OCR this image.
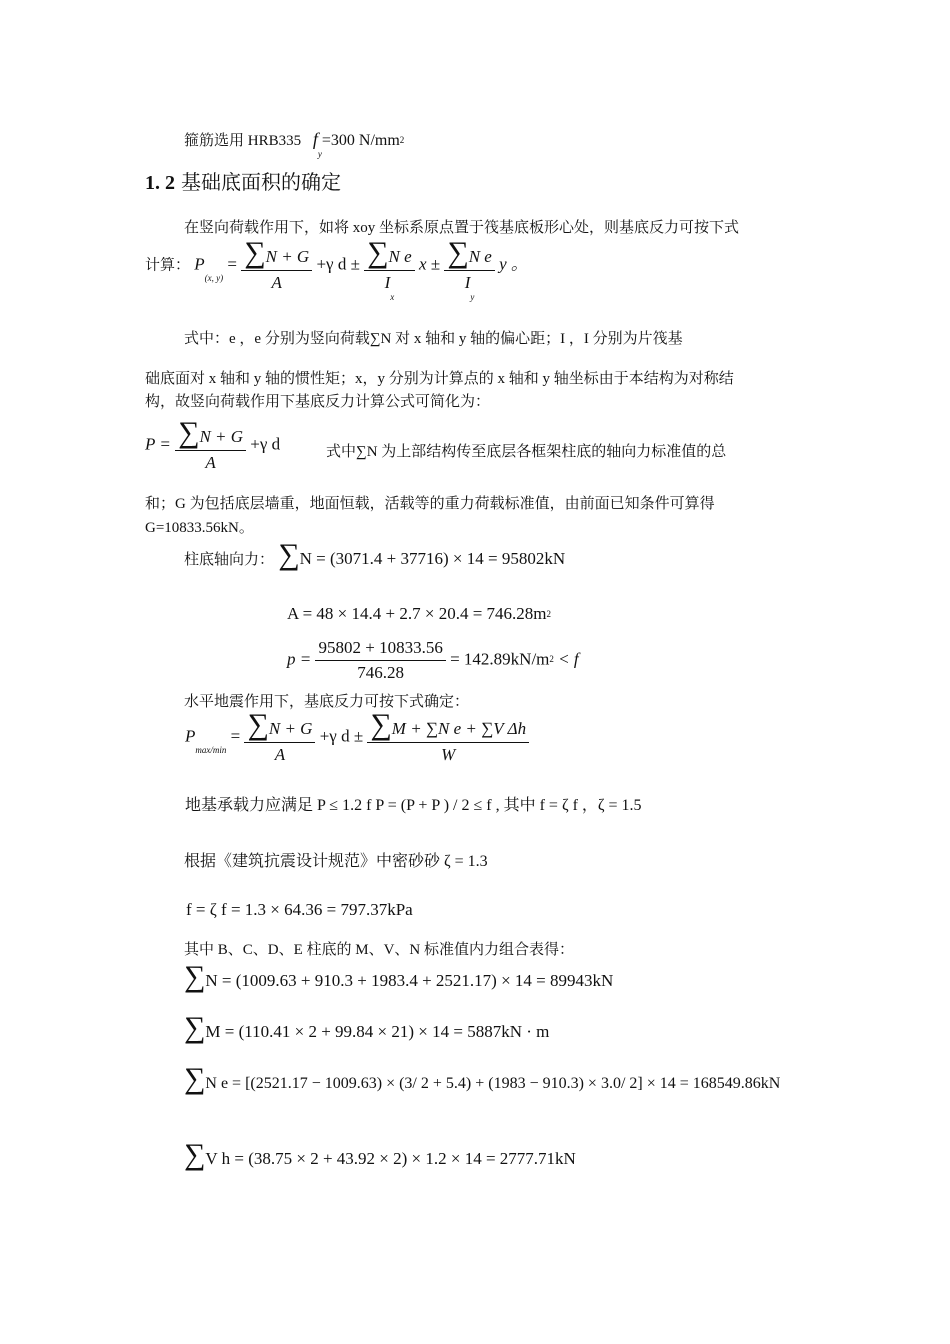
箍筋选用 HRB335 $f_y=300$ N/mm2
1. 2 基础底面积的确定
在竖向荷载作用下，如将 xoy 坐标系原点置于筏基底板形心处，则基底反力可按下式
计算： $P_{(x, y)} = \frac{\sum N + G}{A} +\gamma$ $d \pm \frac{\text{∑N e}}{I_x}$ $x \pm \frac{\text{∑N e}}{I_y}$ y 。
式中：e ，e 分别为竖向荷载∑N 对 x 轴和 y 轴的偏心距；I ，I 分别为片筏基
础底面对 x 轴和 y 轴的惯性矩；x，y 分别为计算点的 x 轴和 y 轴坐标由于本结构为对称结
构，故竖向荷载作用下基底反力计算公式可简化为：
$P = \frac{\sum N + G}{A} +\gamma$ d	式中∑N 为上部结构传至底层各框架柱底的轴向力标准值的总
和；G 为包括底层墙重，地面恒载，活载等的重力荷载标准值，由前面已知条件可算得
G=10833.56kN。
柱底轴向力： ∑N = (3071.4 + 37716) × 14 = 95802kN
A = 48 × 14.4 + 2.7 × 20.4 = 746.28m2
$p = \frac{95802 + 10833.56}{746.28} = 142.89kN/m2 < f$
水平地震作用下，基底反力可按下式确定：
$P_{max/min} = \frac{\sum N + G}{A} +\gamma$ $d \pm \frac{\text{∑M + ∑N e + ∑V Δh}}{W}$
地基承载力应满足 P ≤ 1.2 f P = (P + P ) / 2 ≤ f , 其中 f = ζ f ，ζ = 1.5
根据《建筑抗震设计规范》中密砂砂 ζ = 1.3
f = ζ f = 1.3 × 64.36 = 797.37kPa
其中 B、C、D、E 柱底的 M、V、N 标准值内力组合表得：
∑N = (1009.63 + 910.3 + 1983.4 + 2521.17) × 14 = 89943kN
∑M = (110.41 × 2 + 99.84 × 21) × 14 = 5887kN · m
∑N e = [(2521.17 − 1009.63) × (3/ 2 + 5.4) + (1983 − 910.3) × 3.0/ 2] × 14 = 168549.86kN
∑V h = (38.75 × 2 + 43.92 × 2) × 1.2 × 14 = 2777.71kN
